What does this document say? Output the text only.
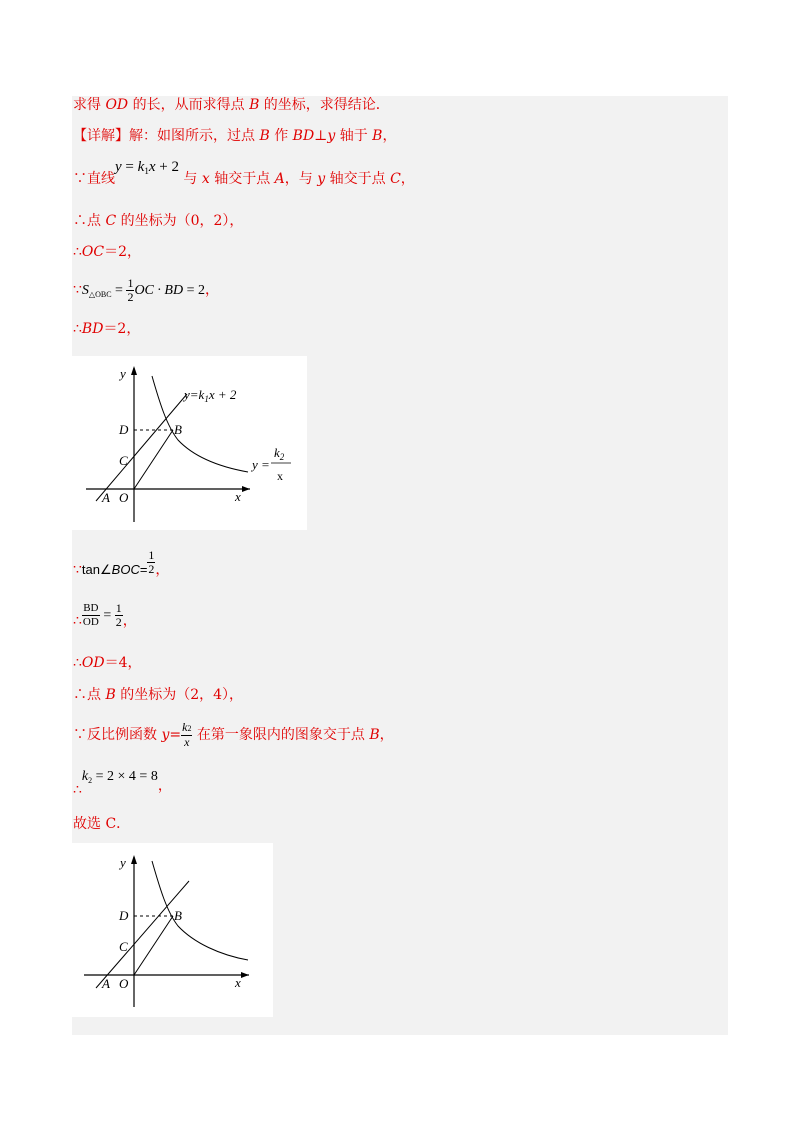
求得 OD 的长，从而求得点 B 的坐标，求得结论．
【详解】解：如图所示，过点 B 作 BD⊥y 轴于 B，
∵直线$y = k_1x + 2$ 与 x 轴交于点 A，与 y 轴交于点 C，
∴点 C 的坐标为（0，2），
∴OC＝2，
$\because S_{\triangle OBC} = \frac{1}{2}$ OC · BD = 2，
∴BD＝2，
y
x
D	B
C
A O
$y=k_1x + 2$
y =
$k_2$
x
∵tan∠BOC= $\frac{1}{2}$ ，
∴ $\frac{BD}{OD} = \frac{1}{2}$ ，
∴OD＝4，
∴点 B 的坐标为（2，4），
∵反比例函数 $y= \frac{k2}{x}$ 在第一象限内的图象交于点 B，
$\therefore k_2 = 2 \times 4 = 8$，
故选 C．
y
x
D	B
C
A O
